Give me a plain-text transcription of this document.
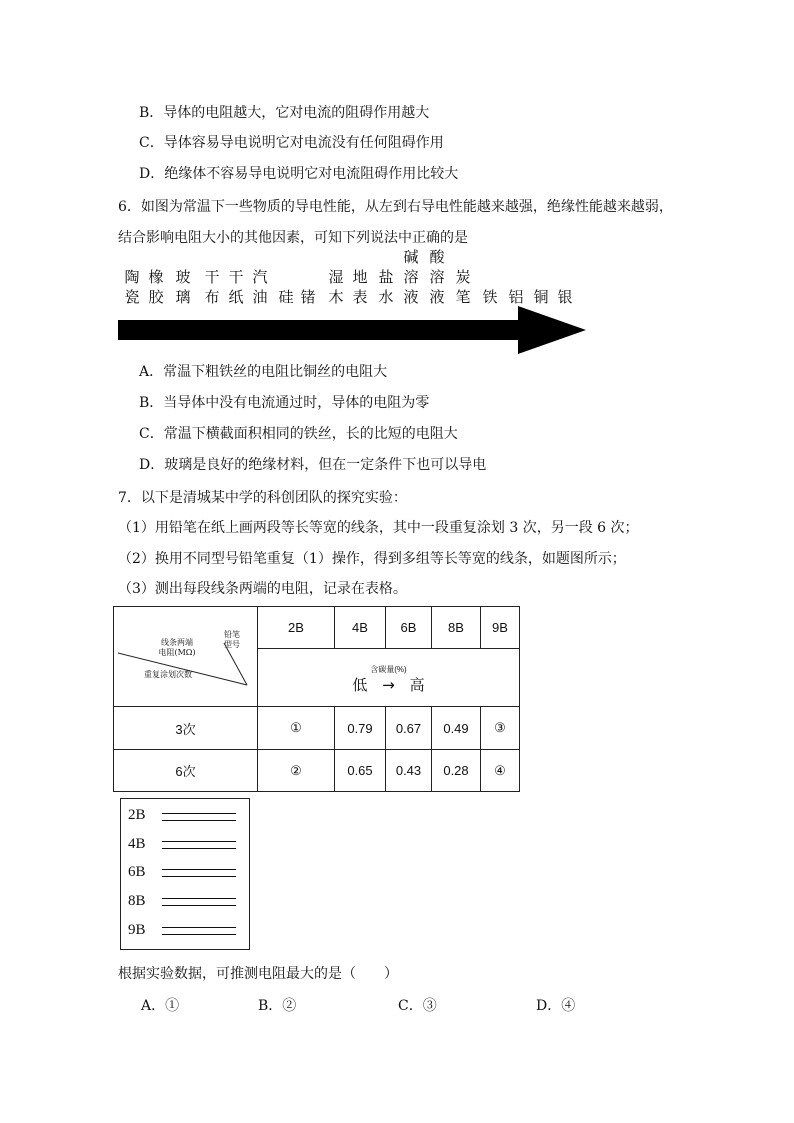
B．导体的电阻越大，它对电流的阻碍作用越大
C．导体容易导电说明它对电流没有任何阻碍作用
D．绝缘体不容易导电说明它对电流阻碍作用比较大
6．如图为常温下一些物质的导电性能，从左到右导电性能越来越强，绝缘性能越来越弱，
结合影响电阻大小的其他因素，可知下列说法中正确的是
陶
瓷
橡
胶
玻
璃
干
布
干
纸
汽
油
硅
锗
湿
木
地
表
盐
水
碱
溶
液
酸
溶
液
炭
笔
铁
铝
铜
银
A．常温下粗铁丝的电阻比铜丝的电阻大
B．当导体中没有电流通过时，导体的电阻为零
C．常温下横截面积相同的铁丝，长的比短的电阻大
D．玻璃是良好的绝缘材料，但在一定条件下也可以导电
7．以下是清城某中学的科创团队的探究实验：
（1）用铅笔在纸上画两段等长等宽的线条，其中一段重复涂划 3 次，另一段 6 次；
（2）换用不同型号铅笔重复（1）操作，得到多组等长等宽的线条，如题图所示；
（3）测出每段线条两端的电阻，记录在表格。
铅笔
型号
线条两端
电阻(MΩ)
重复涂划次数	2B	4B	6B	8B	9B

	含碳量(%)
低 → 高				

3次	①	0.79	0.67	0.49	③
6次	②	0.65	0.43	0.28	④
2B
4B
6B
8B
9B
根据实验数据，可推测电阻最大的是（　　）
A．①	B．②	C．③	D．④
